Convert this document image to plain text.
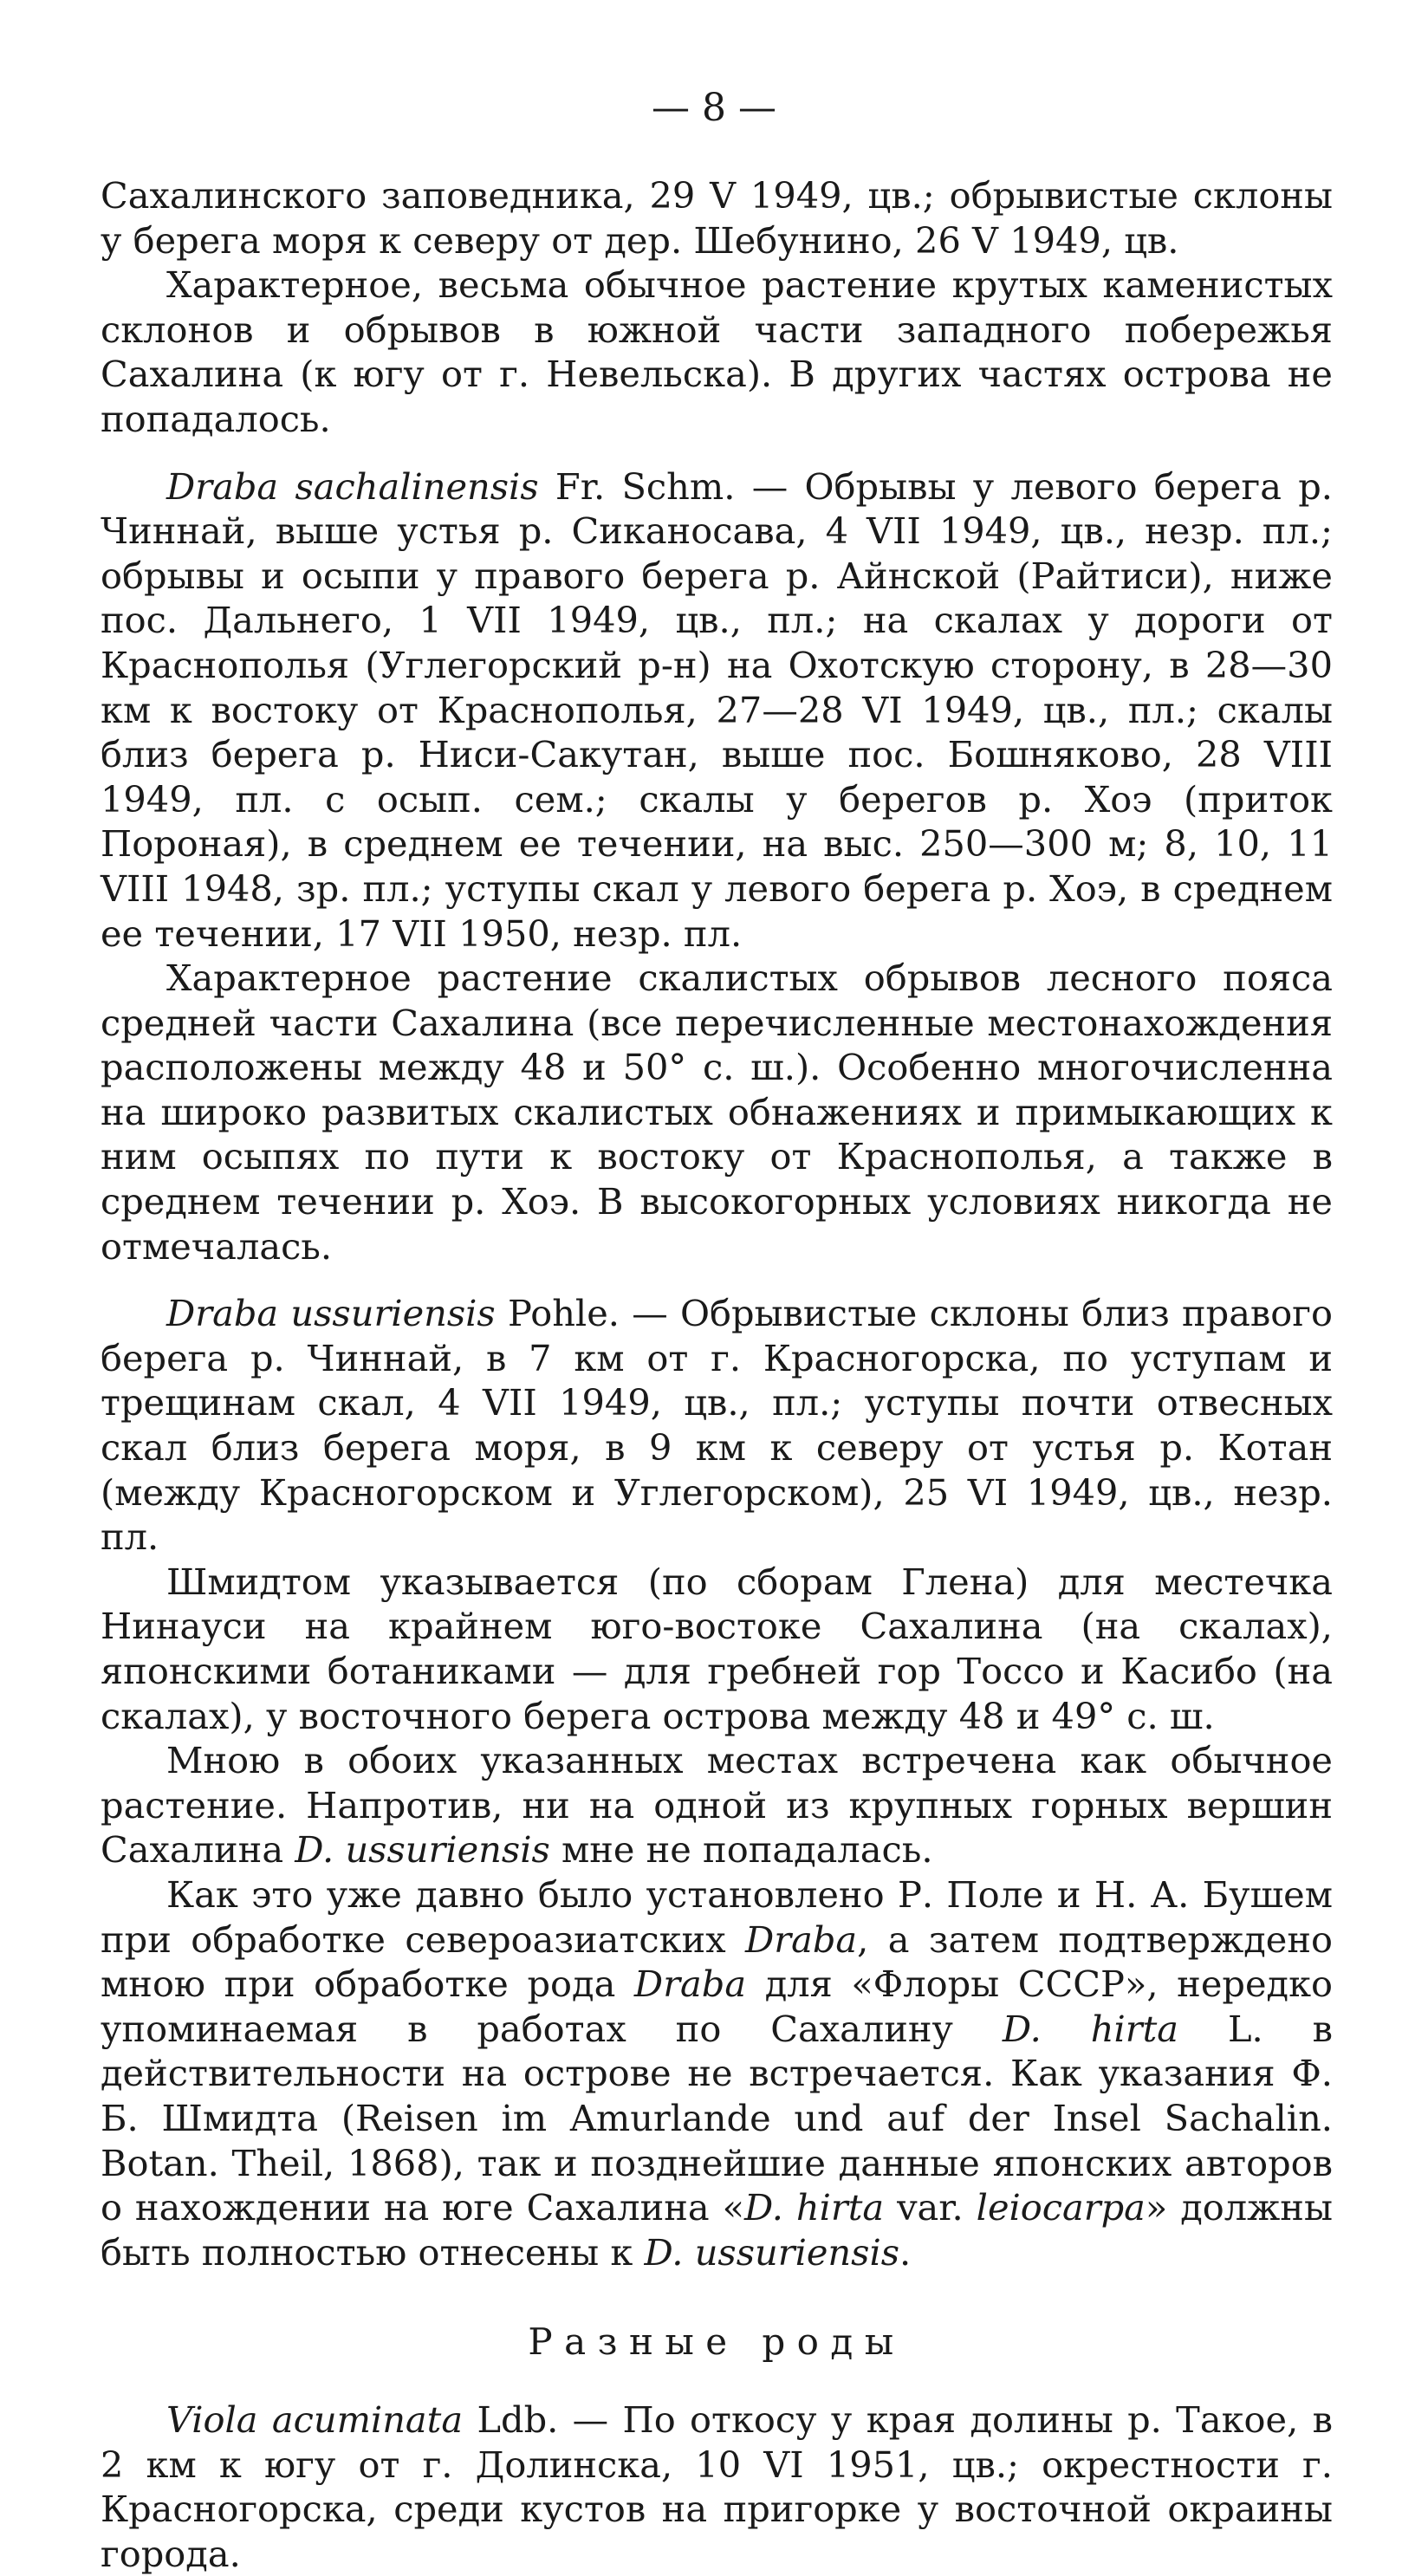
— 8 —

Сахалинского заповедника, 29 V 1949, цв.; обрывистые склоны у берега моря к северу от дер. Шебунино, 26 V 1949, цв.

Характерное, весьма обычное растение крутых каменистых склонов и обрывов в южной части западного побережья Сахалина (к югу от г. Невельска). В других частях острова не попадалось.

Draba sachalinensis Fr. Schm. — Обрывы у левого берега р. Чиннай, выше устья р. Сиканосава, 4 VII 1949, цв., незр. пл.; обрывы и осыпи у правого берега р. Айнской (Райтиси), ниже пос. Дальнего, 1 VII 1949, цв., пл.; на скалах у дороги от Краснополья (Углегорский р-н) на Охотскую сторону, в 28—30 км к востоку от Краснополья, 27—28 VI 1949, цв., пл.; скалы близ берега р. Ниси-Сакутан, выше пос. Бошняково, 28 VIII 1949, пл. с осып. сем.; скалы у берегов р. Хоэ (приток Пороная), в среднем ее течении, на выс. 250—300 м; 8, 10, 11 VIII 1948, зр. пл.; уступы скал у левого берега р. Хоэ, в среднем ее течении, 17 VII 1950, незр. пл.

Характерное растение скалистых обрывов лесного пояса средней части Сахалина (все перечисленные местонахождения расположены между 48 и 50° с. ш.). Особенно многочисленна на широко развитых скалистых обнажениях и примыкающих к ним осыпях по пути к востоку от Краснополья, а также в среднем течении р. Хоэ. В высокогорных условиях никогда не отмечалась.

Draba ussuriensis Pohle. — Обрывистые склоны близ правого берега р. Чиннай, в 7 км от г. Красногорска, по уступам и трещинам скал, 4 VII 1949, цв., пл.; уступы почти отвесных скал близ берега моря, в 9 км к северу от устья р. Котан (между Красногорском и Углегорском), 25 VI 1949, цв., незр. пл.

Шмидтом указывается (по сборам Глена) для местечка Нинауси на крайнем юго-востоке Сахалина (на скалах), японскими ботаниками — для гребней гор Тоссо и Касибо (на скалах), у восточного берега острова между 48 и 49° с. ш.

Мною в обоих указанных местах встречена как обычное растение. Напротив, ни на одной из крупных горных вершин Сахалина D. ussuriensis мне не попадалась.

Как это уже давно было установлено Р. Поле и Н. А. Бушем при обработке североазиатских Draba, а затем подтверждено мною при обработке рода Draba для «Флоры СССР», нередко упоминаемая в работах по Сахалину D. hirta L. в действительности на острове не встречается. Как указания Ф. Б. Шмидта (Reisen im Amurlande und auf der Insel Sachalin. Botan. Theil, 1868), так и позднейшие данные японских авторов о нахождении на юге Сахалина «D. hirta var. leiocarpa» должны быть полностью отнесены к D. ussuriensis.

Разные роды

Viola acuminata Ldb. — По откосу у края долины р. Такое, в 2 км к югу от г. Долинска, 10 VI 1951, цв.; окрестности г. Красногорска, среди кустов на пригорке у восточной окраины города.
